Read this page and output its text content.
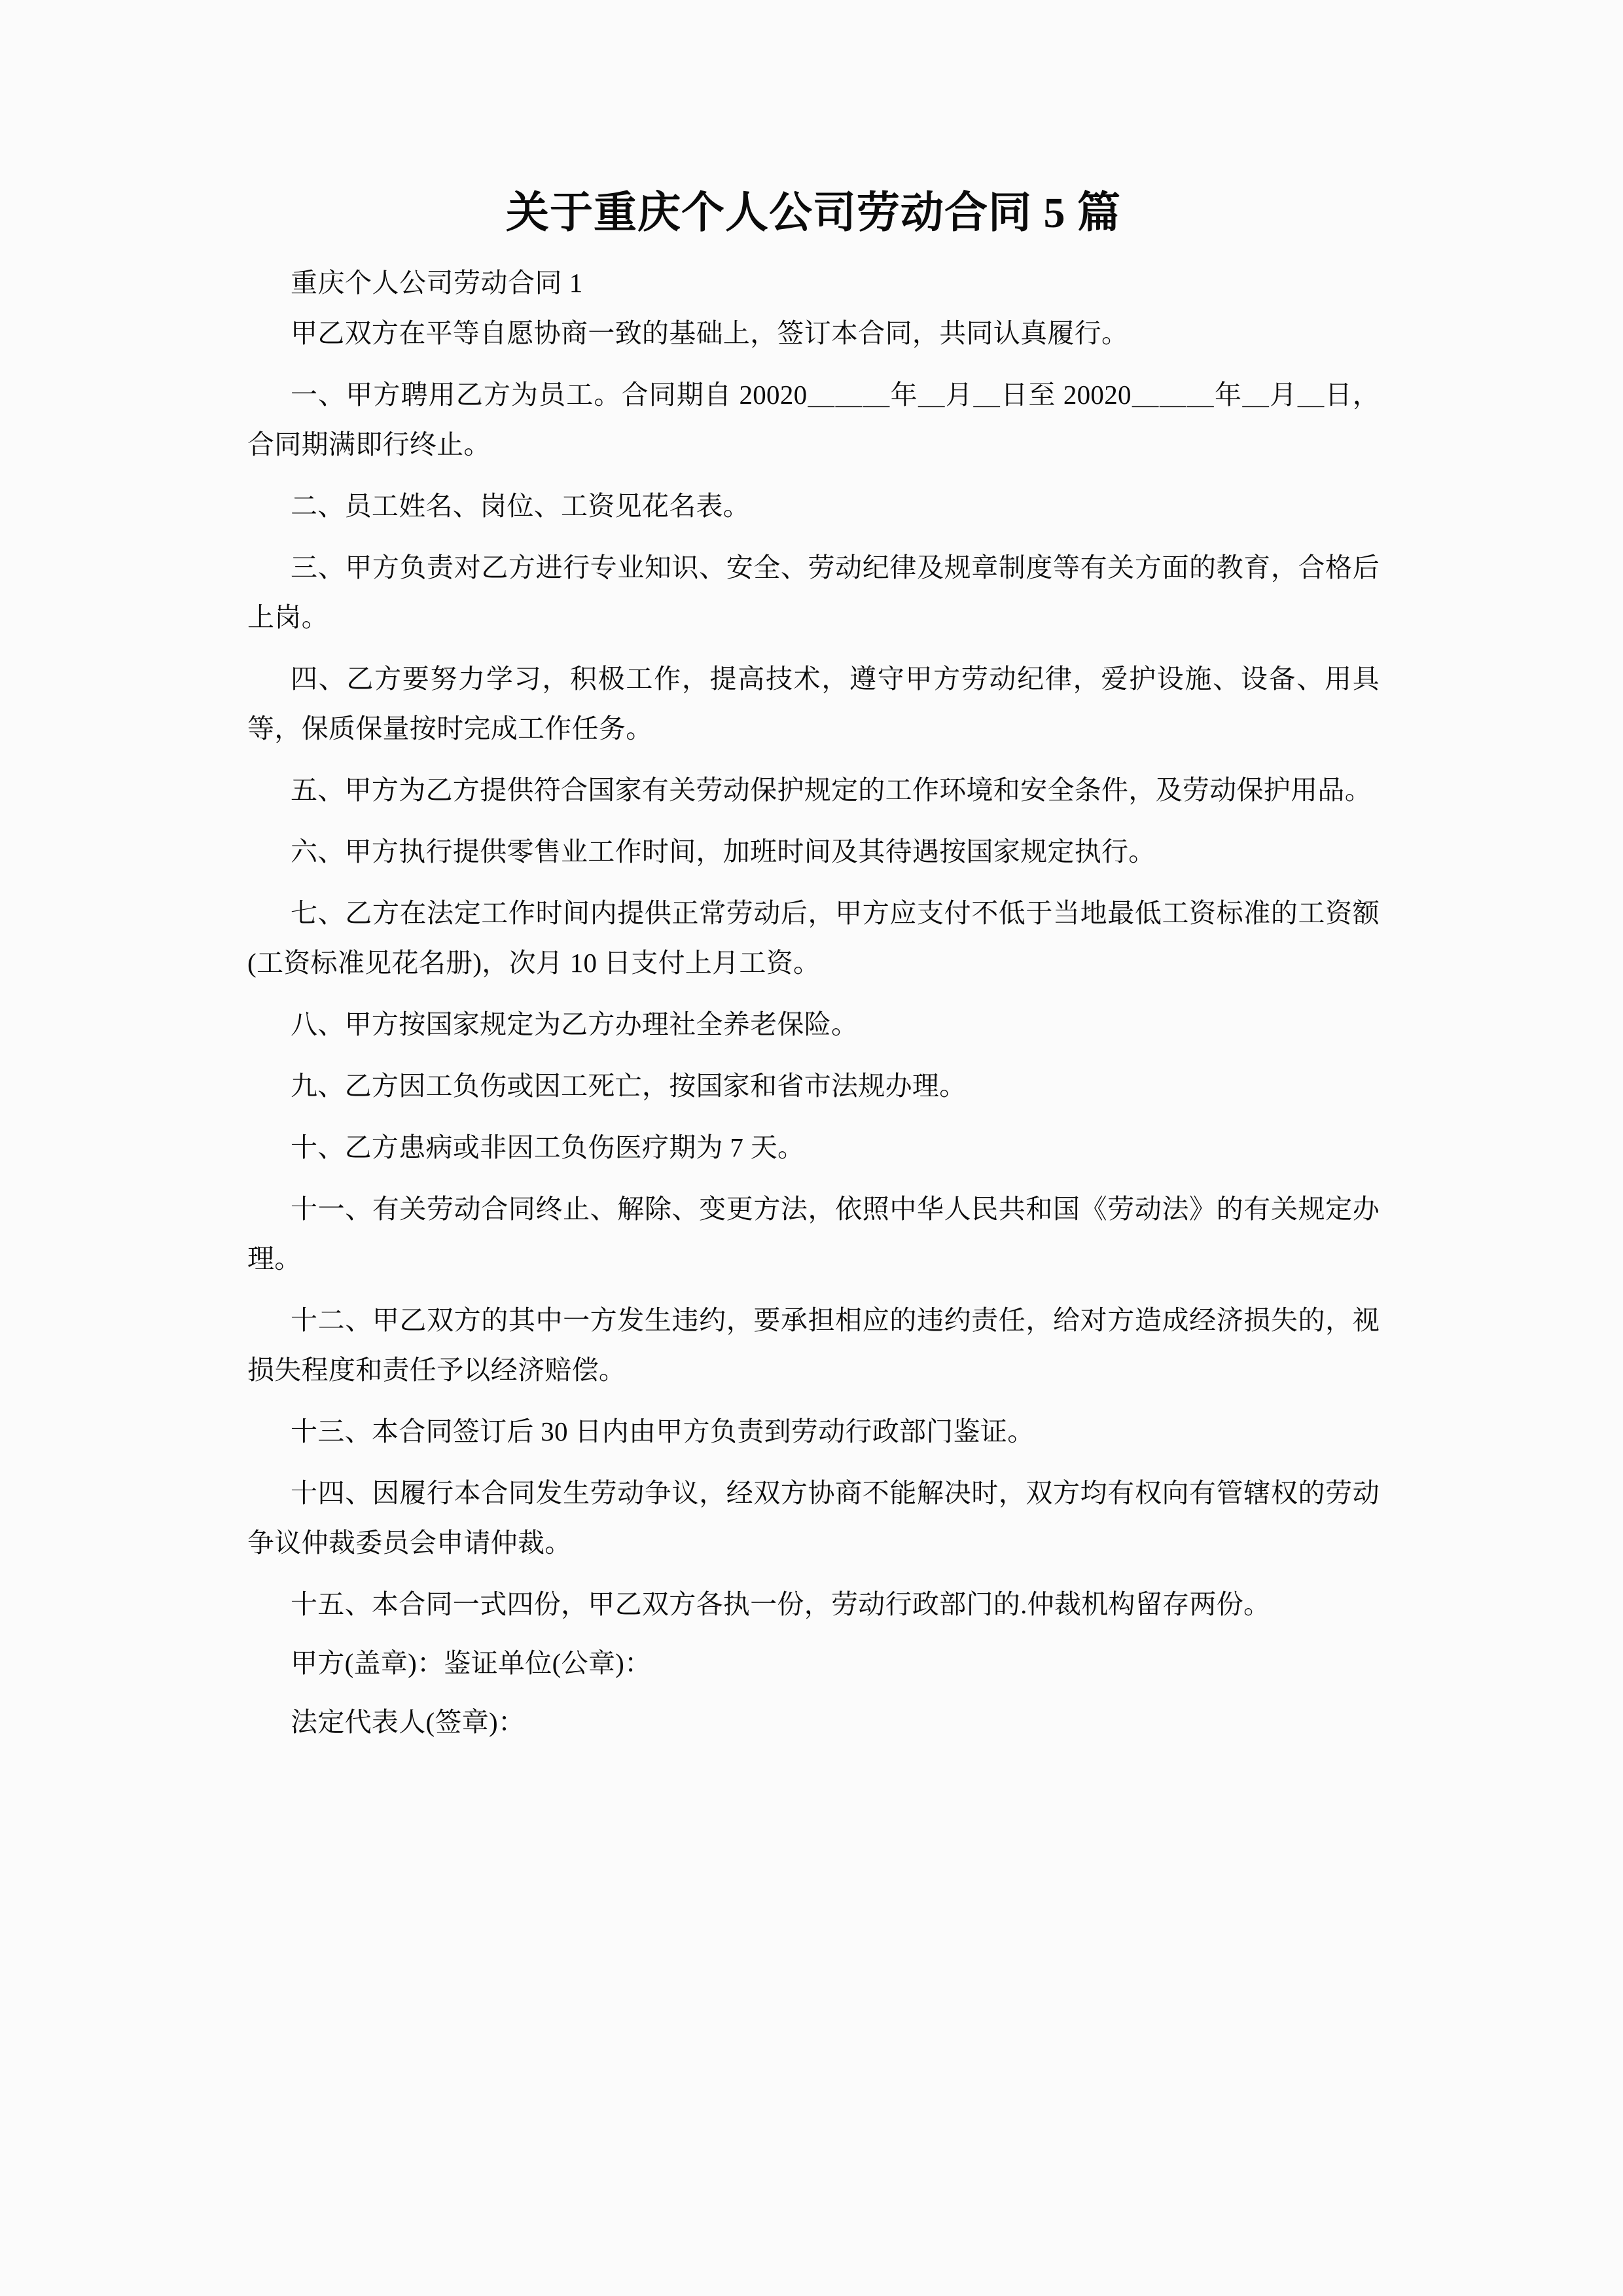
关于重庆个人公司劳动合同 5 篇

重庆个人公司劳动合同 1

甲乙双方在平等自愿协商一致的基础上，签订本合同，共同认真履行。

一、甲方聘用乙方为员工。合同期自 20020＿＿＿年＿月＿日至 20020＿＿＿年＿月＿日，合同期满即行终止。

二、员工姓名、岗位、工资见花名表。

三、甲方负责对乙方进行专业知识、安全、劳动纪律及规章制度等有关方面的教育，合格后上岗。

四、乙方要努力学习，积极工作，提高技术，遵守甲方劳动纪律，爱护设施、设备、用具等，保质保量按时完成工作任务。

五、甲方为乙方提供符合国家有关劳动保护规定的工作环境和安全条件，及劳动保护用品。

六、甲方执行提供零售业工作时间，加班时间及其待遇按国家规定执行。

七、乙方在法定工作时间内提供正常劳动后，甲方应支付不低于当地最低工资标准的工资额(工资标准见花名册)，次月 10 日支付上月工资。

八、甲方按国家规定为乙方办理社全养老保险。

九、乙方因工负伤或因工死亡，按国家和省市法规办理。

十、乙方患病或非因工负伤医疗期为 7 天。

十一、有关劳动合同终止、解除、变更方法，依照中华人民共和国《劳动法》的有关规定办理。

十二、甲乙双方的其中一方发生违约，要承担相应的违约责任，给对方造成经济损失的，视损失程度和责任予以经济赔偿。

十三、本合同签订后 30 日内由甲方负责到劳动行政部门鉴证。

十四、因履行本合同发生劳动争议，经双方协商不能解决时，双方均有权向有管辖权的劳动争议仲裁委员会申请仲裁。

十五、本合同一式四份，甲乙双方各执一份，劳动行政部门的.仲裁机构留存两份。

甲方(盖章)：鉴证单位(公章)：

法定代表人(签章)：
